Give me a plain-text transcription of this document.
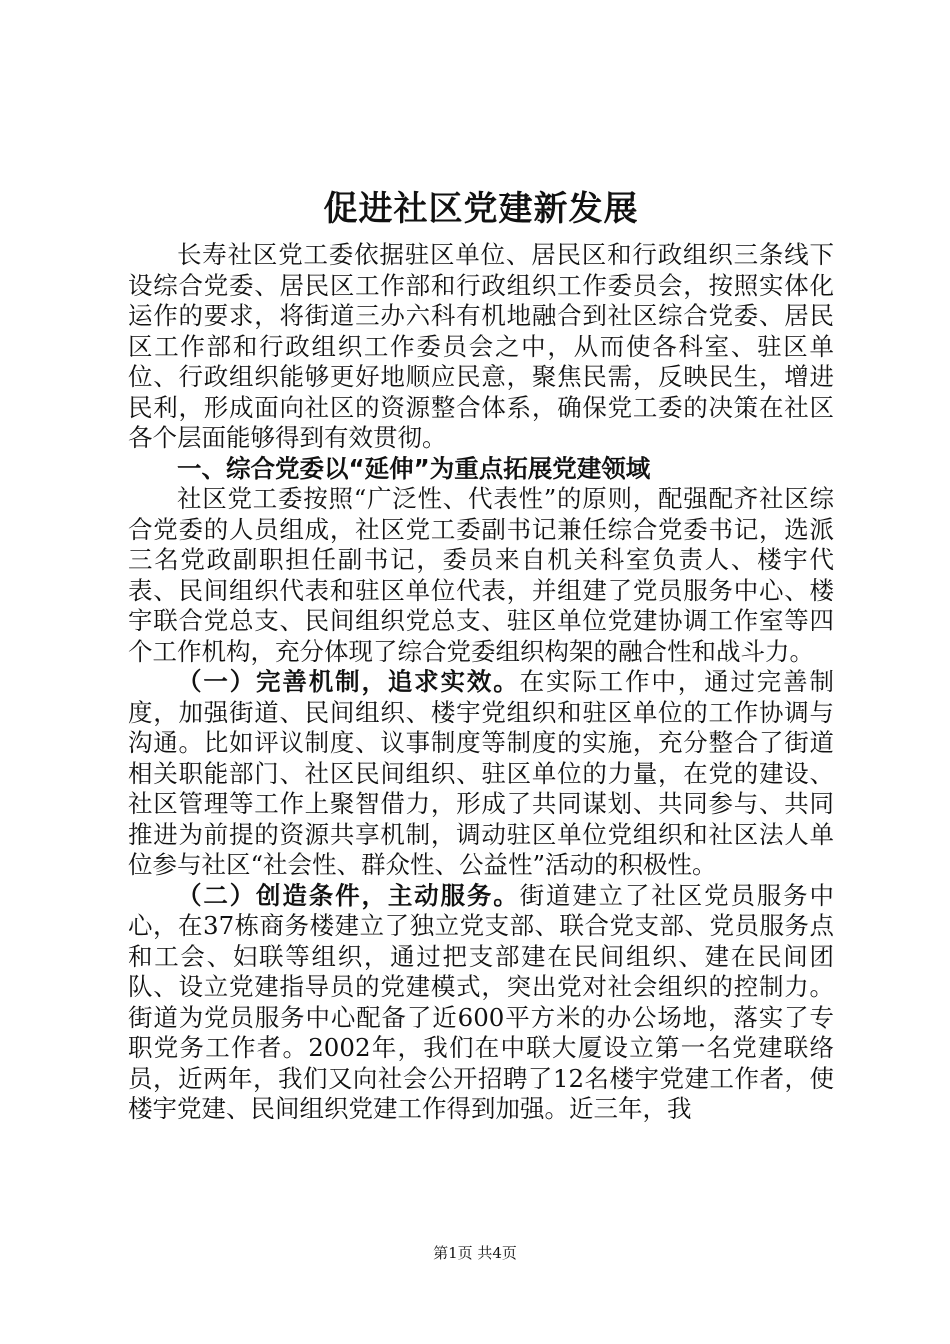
促进社区党建新发展

长寿社区党工委依据驻区单位、居民区和行政组织三条线下设综合党委、居民区工作部和行政组织工作委员会，按照实体化运作的要求，将街道三办六科有机地融合到社区综合党委、居民区工作部和行政组织工作委员会之中，从而使各科室、驻区单位、行政组织能够更好地顺应民意，聚焦民需，反映民生，增进民利，形成面向社区的资源整合体系，确保党工委的决策在社区各个层面能够得到有效贯彻。

一、综合党委以“延伸”为重点拓展党建领域

社区党工委按照“广泛性、代表性”的原则，配强配齐社区综合党委的人员组成，社区党工委副书记兼任综合党委书记，选派三名党政副职担任副书记，委员来自机关科室负责人、楼宇代表、民间组织代表和驻区单位代表，并组建了党员服务中心、楼宇联合党总支、民间组织党总支、驻区单位党建协调工作室等四个工作机构，充分体现了综合党委组织构架的融合性和战斗力。

（一）完善机制，追求实效。在实际工作中，通过完善制度，加强街道、民间组织、楼宇党组织和驻区单位的工作协调与沟通。比如评议制度、议事制度等制度的实施，充分整合了街道相关职能部门、社区民间组织、驻区单位的力量，在党的建设、社区管理等工作上聚智借力，形成了共同谋划、共同参与、共同推进为前提的资源共享机制，调动驻区单位党组织和社区法人单位参与社区“社会性、群众性、公益性”活动的积极性。

（二）创造条件，主动服务。街道建立了社区党员服务中心，在37栋商务楼建立了独立党支部、联合党支部、党员服务点和工会、妇联等组织，通过把支部建在民间组织、建在民间团队、设立党建指导员的党建模式，突出党对社会组织的控制力。街道为党员服务中心配备了近600平方米的办公场地，落实了专职党务工作者。2002年，我们在中联大厦设立第一名党建联络员，近两年，我们又向社会公开招聘了12名楼宇党建工作者，使楼宇党建、民间组织党建工作得到加强。近三年，我

第1页 共4页
